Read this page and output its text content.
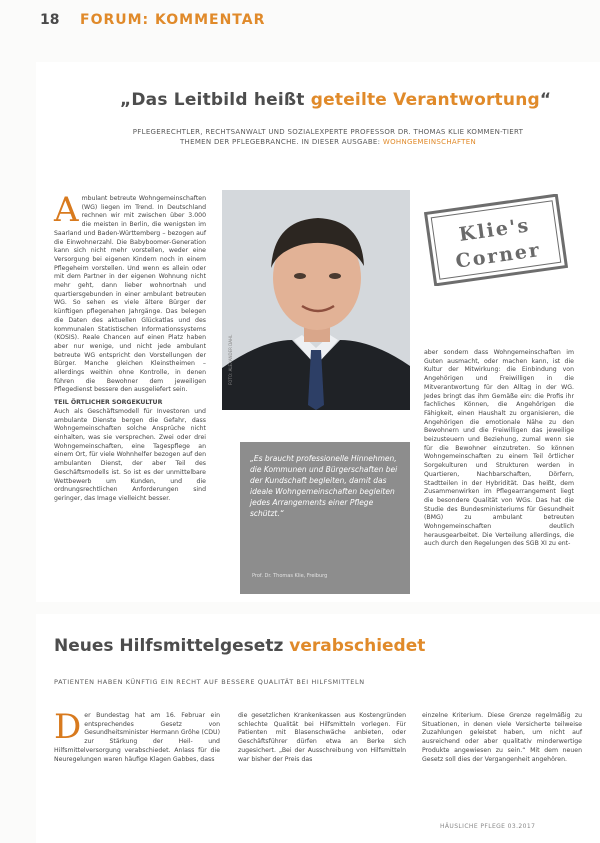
18 FORUM: KOMMENTAR
„Das Leitbild heißt geteilte Verantwortung“
PFLEGERECHTLER, RECHTSANWALT UND SOZIALEXPERTE PROFESSOR DR. THOMAS KLIE KOMMEN-TIERT THEMEN DER PFLEGEBRANCHE. IN DIESER AUSGABE: WOHNGEMEINSCHAFTEN
Ambulant betreute Wohngemeinschaften (WG) liegen im Trend. In Deutschland rechnen wir mit zwischen über 3.000 die meisten in Berlin, die wenigsten im Saarland und Baden-Württemberg – bezogen auf die Einwohnerzahl. Die Babyboomer-Generation kann sich nicht mehr vorstellen, weder eine Versorgung bei eigenen Kindern noch in einem Pflegeheim vorstellen. Und wenn es allein oder mit dem Partner in der eigenen Wohnung nicht mehr geht, dann lieber wohnortnah und quartiersgebunden in einer ambulant betreuten WG. So sehen es viele ältere Bürger der künftigen pflegenahen Jahrgänge. Das belegen die Daten des aktuellen Glückatlas und des kommunalen Statistischen Informationssystems (KOSIS). Reale Chancen auf einen Platz haben aber nur wenige, und nicht jede ambulant betreute WG entspricht den Vorstellungen der Bürger. Manche gleichen Kleinstheimen – allerdings weithin ohne Kontrolle, in denen führen die Bewohner dem jeweiligen Pflegedienst bessere den ausgeliefert sein.

TEIL ÖRTLICHER SORGEKULTUR

Auch als Geschäftsmodell für Investoren und ambulante Dienste bergen die Gefahr, dass Wohngemeinschaften solche Ansprüche nicht einhalten, was sie versprechen. Zwei oder drei Wohngemeinschaften, eine Tagespflege an einem Ort, für viele Wohnhelfer bezogen auf den ambulanten Dienst, der aber Teil des Geschäftsmodells ist. So ist es der unmittelbare Wettbewerb um Kunden, und die ordnungsrechtlichen Anforderungen sind geringer, das Image vielleicht besser.
FOTO: ALEXANDER DAHL
„Es braucht professionelle Hinnehmen, die Kommunen und Bürgerschaften bei der Kundschaft begleiten, damit das ideale Wohngemeinschaften begleiten jedes Arrangements einer Pflege schützt.“
Prof. Dr. Thomas Klie, Freiburg
Klie's
Corner
aber sondern dass Wohngemeinschaften im Guten ausmacht, oder machen kann, ist die Kultur der Mitwirkung: die Einbindung von Angehörigen und Freiwilligen in die Mitverantwortung für den Alltag in der WG. Jedes bringt das ihm Gemäße ein: die Profis ihr fachliches Können, die Angehörigen die Fähigkeit, einen Haushalt zu organisieren, die Angehörigen die emotionale Nähe zu den Bewohnern und die Freiwilligen das jeweilige beizusteuern und Beziehung, zumal wenn sie für die Bewohner einzutreten. So können Wohngemeinschaften zu einem Teil örtlicher Sorgekulturen und Strukturen werden in Quartieren, Nachbarschaften, Dörfern, Stadtteilen in der Hybridität. Das heißt, dem Zusammenwirken im Pflegearrangement liegt die besondere Qualität von WGs. Das hat die Studie des Bundesministeriums für Gesundheit (BMG) zu ambulant betreuten Wohngemeinschaften deutlich herausgearbeitet. Die Verteilung allerdings, die auch durch den Regelungen des SGB XI zu ent-
Neues Hilfsmittelgesetz verabschiedet
PATIENTEN HABEN KÜNFTIG EIN RECHT AUF BESSERE QUALITÄT BEI HILFSMITTELN
Der Bundestag hat am 16. Februar ein entsprechendes Gesetz von Gesundheitsminister Hermann Gröhe (CDU) zur Stärkung der Heil- und Hilfsmittelversorgung verabschiedet. Anlass für die Neuregelungen waren häufige Klagen Gabbes, dass
die gesetzlichen Krankenkassen aus Kostengründen schlechte Qualität bei Hilfsmitteln vorlegen. Für Patienten mit Blasenschwäche anbieten, oder Geschäftsführer dürfen etwa an Berke sich zugesichert. „Bei der Ausschreibung von Hilfsmitteln war bisher der Preis das
einzelne Kriterium. Diese Grenze regelmäßig zu Situationen, in denen viele Versicherte teilweise Zuzahlungen geleistet haben, um nicht auf ausreichend oder aber qualitativ minderwertige Produkte angewiesen zu sein.“ Mit dem neuen Gesetz soll dies der Vergangenheit angehören.
HÄUSLICHE PFLEGE 03.2017
